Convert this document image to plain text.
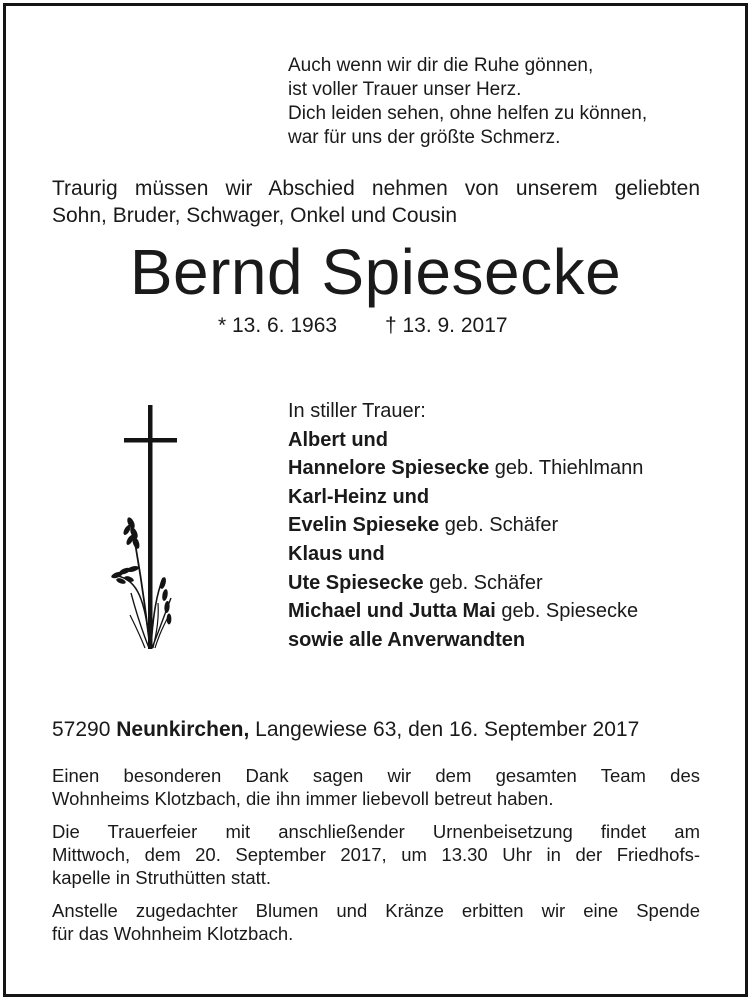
Auch wenn wir dir die Ruhe gönnen,
ist voller Trauer unser Herz.
Dich leiden sehen, ohne helfen zu können,
war für uns der größte Schmerz.
Traurig müssen wir Abschied nehmen von unserem geliebten
Sohn, Bruder, Schwager, Onkel und Cousin
Bernd Spiesecke
* 13. 6. 1963 † 13. 9. 2017
In stiller Trauer:
Albert und
Hannelore Spiesecke geb. Thiehlmann
Karl-Heinz und
Evelin Spieseke geb. Schäfer
Klaus und
Ute Spiesecke geb. Schäfer
Michael und Jutta Mai geb. Spiesecke
sowie alle Anverwandten
57290 Neunkirchen, Langewiese 63, den 16. September 2017
Einen besonderen Dank sagen wir dem gesamten Team des
Wohnheims Klotzbach, die ihn immer liebevoll betreut haben.
Die Trauerfeier mit anschließender Urnenbeisetzung findet am
Mittwoch, dem 20. September 2017, um 13.30 Uhr in der Friedhofs-
kapelle in Struthütten statt.
Anstelle zugedachter Blumen und Kränze erbitten wir eine Spende
für das Wohnheim Klotzbach.
